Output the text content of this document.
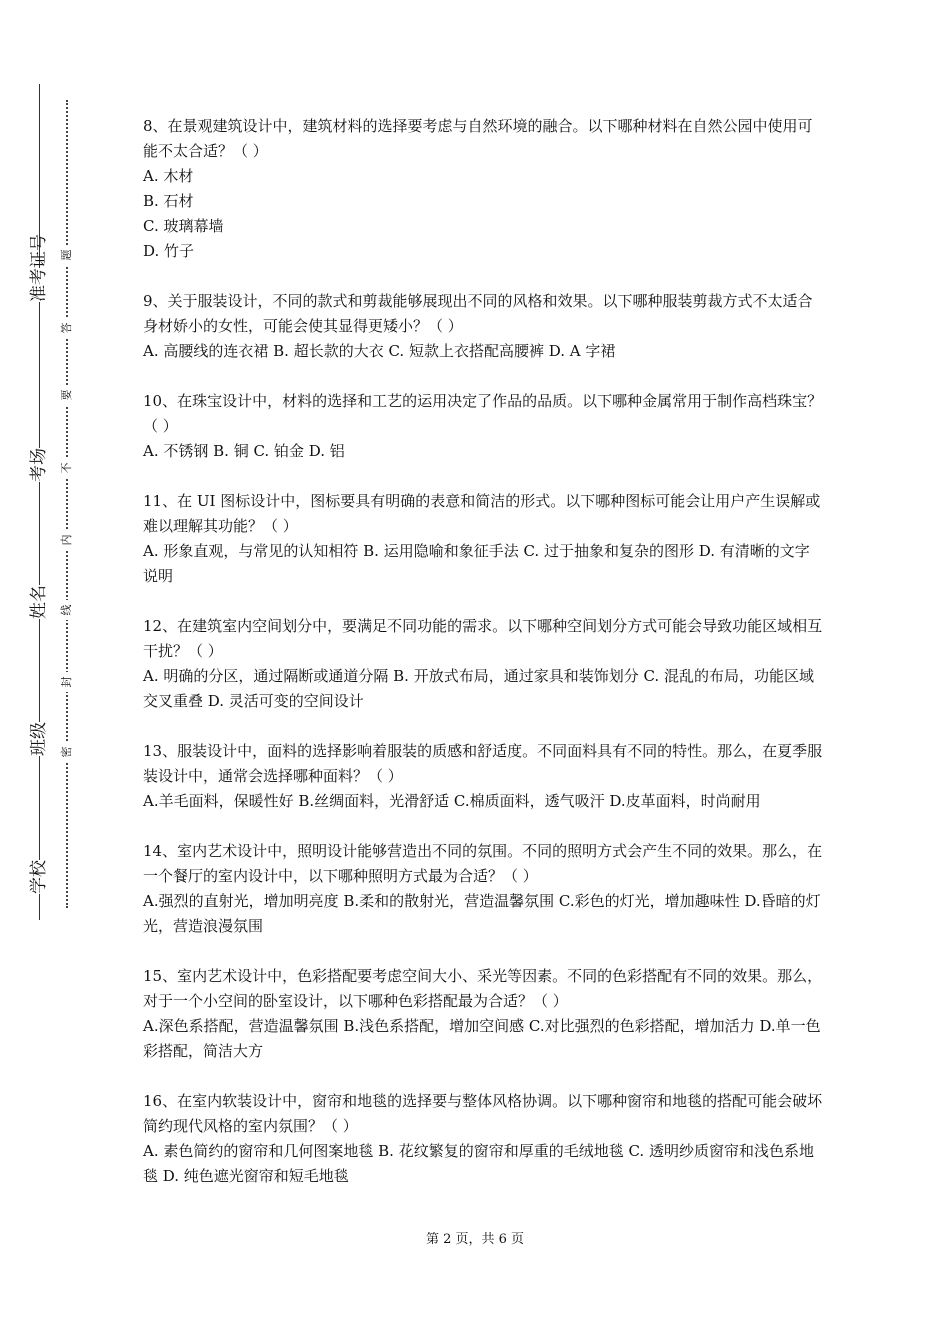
准考证号
考场
姓名
班级
学校
题
答
要
不
内
线
封
密

8、在景观建筑设计中，建筑材料的选择要考虑与自然环境的融合。以下哪种材料在自然公园中使用可能不太合适？（ ）

A. 木材

B. 石材

C. 玻璃幕墙

D. 竹子

9、关于服装设计，不同的款式和剪裁能够展现出不同的风格和效果。以下哪种服装剪裁方式不太适合身材娇小的女性，可能会使其显得更矮小？（ ）

A. 高腰线的连衣裙 B. 超长款的大衣 C. 短款上衣搭配高腰裤 D. A 字裙

10、在珠宝设计中，材料的选择和工艺的运用决定了作品的品质。以下哪种金属常用于制作高档珠宝？（ ）

A. 不锈钢 B. 铜 C. 铂金 D. 铝

11、在 UI 图标设计中，图标要具有明确的表意和简洁的形式。以下哪种图标可能会让用户产生误解或难以理解其功能？（ ）

A. 形象直观，与常见的认知相符 B. 运用隐喻和象征手法 C. 过于抽象和复杂的图形 D. 有清晰的文字说明

12、在建筑室内空间划分中，要满足不同功能的需求。以下哪种空间划分方式可能会导致功能区域相互干扰？（ ）

A. 明确的分区，通过隔断或通道分隔 B. 开放式布局，通过家具和装饰划分 C. 混乱的布局，功能区域交叉重叠 D. 灵活可变的空间设计

13、服装设计中，面料的选择影响着服装的质感和舒适度。不同面料具有不同的特性。那么，在夏季服装设计中，通常会选择哪种面料？（ ）

A.羊毛面料，保暖性好 B.丝绸面料，光滑舒适 C.棉质面料，透气吸汗 D.皮革面料，时尚耐用

14、室内艺术设计中，照明设计能够营造出不同的氛围。不同的照明方式会产生不同的效果。那么，在一个餐厅的室内设计中，以下哪种照明方式最为合适？（ ）

A.强烈的直射光，增加明亮度 B.柔和的散射光，营造温馨氛围 C.彩色的灯光，增加趣味性 D.昏暗的灯光，营造浪漫氛围

15、室内艺术设计中，色彩搭配要考虑空间大小、采光等因素。不同的色彩搭配有不同的效果。那么，对于一个小空间的卧室设计，以下哪种色彩搭配最为合适？（ ）

A.深色系搭配，营造温馨氛围 B.浅色系搭配，增加空间感 C.对比强烈的色彩搭配，增加活力 D.单一色彩搭配，简洁大方

16、在室内软装设计中，窗帘和地毯的选择要与整体风格协调。以下哪种窗帘和地毯的搭配可能会破坏简约现代风格的室内氛围？（ ）

A. 素色简约的窗帘和几何图案地毯 B. 花纹繁复的窗帘和厚重的毛绒地毯 C. 透明纱质窗帘和浅色系地毯 D. 纯色遮光窗帘和短毛地毯

第 2 页，共 6 页
